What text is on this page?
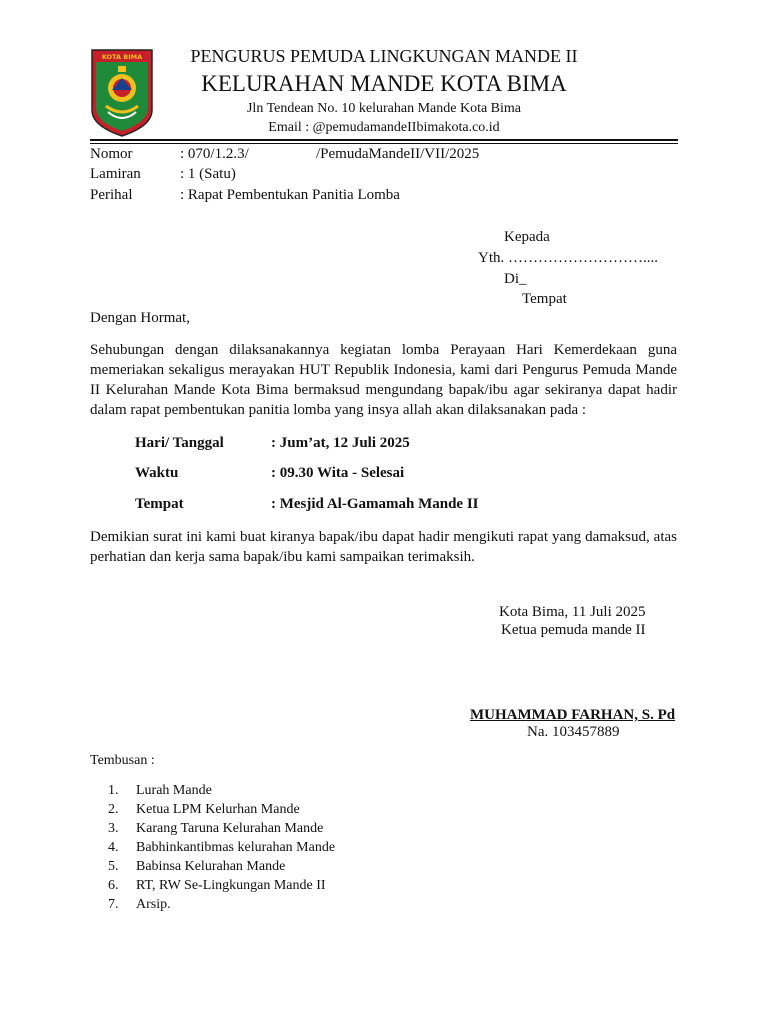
KOTA BIMA	PENGURUS PEMUDA LINGKUNGAN MANDE II
KELURAHAN MANDE KOTA BIMA
Jln Tendean No. 10 kelurahan Mande Kota Bima
Email : @pemudamandeIIbimakota.co.id
Nomor	: 070/1.2.3/	/PemudaMandeII/VII/2025
Lamiran	: 1 (Satu)
Perihal	: Rapat Pembentukan Panitia Lomba
Kepada
Yth. ………………………....
Di_
Tempat
Dengan Hormat,
Sehubungan dengan dilaksanakannya kegiatan lomba Perayaan Hari Kemerdekaan guna memeriakan sekaligus merayakan HUT Republik Indonesia, kami dari Pengurus Pemuda Mande II Kelurahan Mande Kota Bima bermaksud mengundang bapak/ibu agar sekiranya dapat hadir dalam rapat pembentukan panitia lomba yang insya allah akan dilaksanakan pada :
Hari/ Tanggal	: Jum’at, 12 Juli 2025
Waktu	: 09.30 Wita - Selesai
Tempat	: Mesjid Al-Gamamah Mande II
Demikian surat ini kami buat kiranya bapak/ibu dapat hadir mengikuti rapat yang damaksud, atas perhatian dan kerja sama bapak/ibu kami sampaikan terimaksih.
Kota Bima, 11 Juli 2025
Ketua pemuda mande II
MUHAMMAD FARHAN, S. Pd
Na. 103457889
Tembusan :
1.	Lurah Mande
2.	Ketua LPM Kelurhan Mande
3.	Karang Taruna Kelurahan Mande
4.	Babhinkantibmas kelurahan Mande
5.	Babinsa Kelurahan Mande
6.	RT, RW Se-Lingkungan Mande II
7.	Arsip.
